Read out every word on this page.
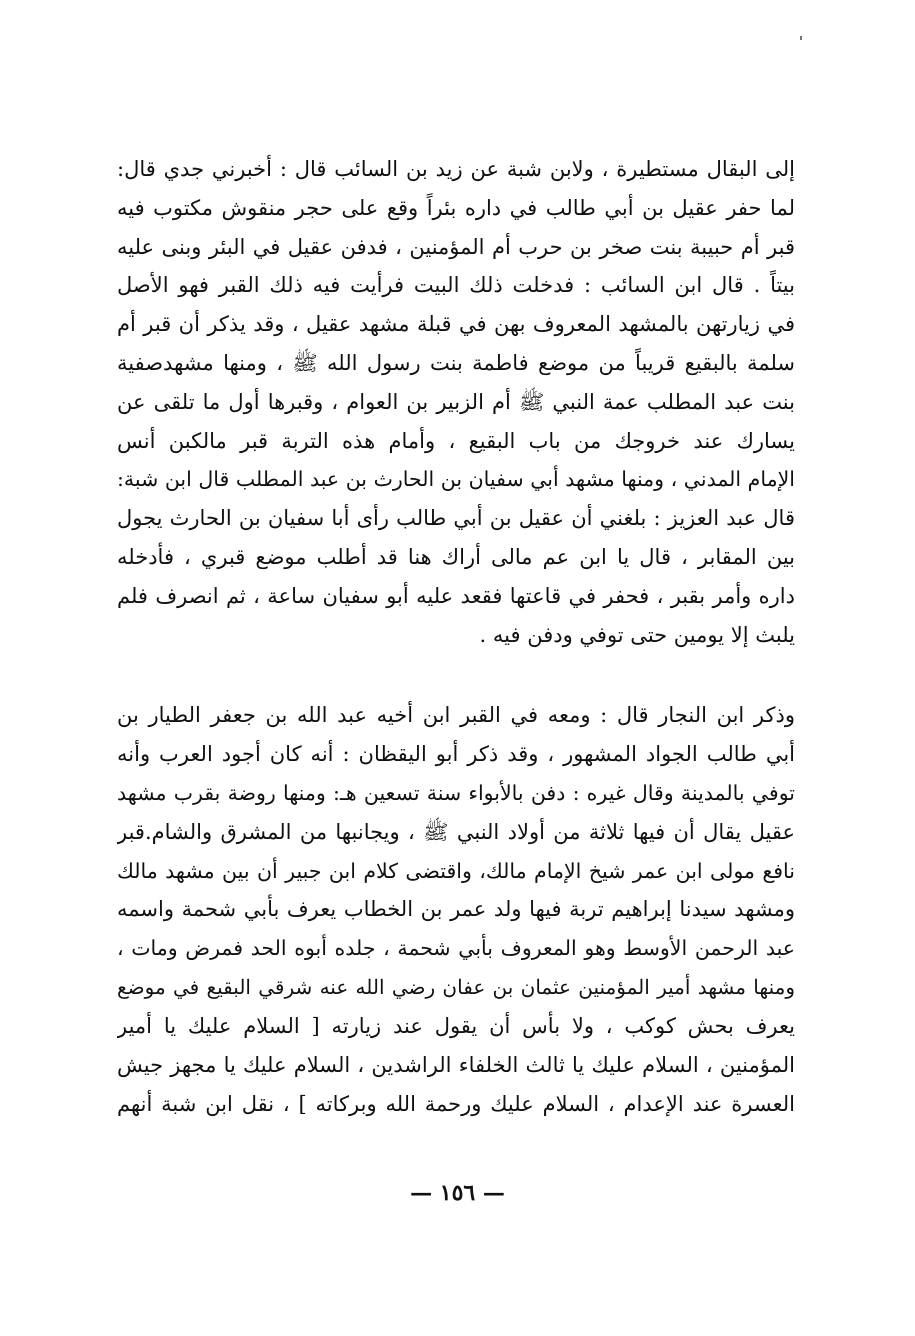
إلى البقال مستطيرة ، ولابن شبة عن زيد بن السائب قال : أخبرني جدي قال:
لما حفر عقيل بن أبي طالب في داره بئراً وقع على حجر منقوش مكتوب فيه
قبر أم حبيبة بنت صخر بن حرب أم المؤمنين ، فدفن عقيل في البئر وبنى عليه
بيتاً . قال ابن السائب : فدخلت ذلك البيت فرأيت فيه ذلك القبر فهو الأصل
في زيارتهن بالمشهد المعروف بهن في قبلة مشهد عقيل ، وقد يذكر أن قبر أم
سلمة بالبقيع قريباً من موضع فاطمة بنت رسول الله ﷺ ، ومنها مشهدصفية
بنت عبد المطلب عمة النبي ﷺ أم الزبير بن العوام ، وقبرها أول ما تلقى عن
يسارك عند خروجك من باب البقيع ، وأمام هذه التربة قبر مالكبن أنس
الإمام المدني ، ومنها مشهد أبي سفيان بن الحارث بن عبد المطلب قال ابن شبة:
قال عبد العزيز : بلغني أن عقيل بن أبي طالب رأى أبا سفيان بن الحارث يجول
بين المقابر ، قال يا ابن عم مالى أراك هنا قد أطلب موضع قبري ، فأدخله
داره وأمر بقبر ، فحفر في قاعتها فقعد عليه أبو سفيان ساعة ، ثم انصرف فلم
يلبث إلا يومين حتى توفي ودفن فيه .
وذكر ابن النجار قال : ومعه في القبر ابن أخيه عبد الله بن جعفر الطيار بن
أبي طالب الجواد المشهور ، وقد ذكر أبو اليقظان : أنه كان أجود العرب وأنه
توفي بالمدينة وقال غيره : دفن بالأبواء سنة تسعين هـ: ومنها روضة بقرب مشهد
عقيل يقال أن فيها ثلاثة من أولاد النبي ﷺ ، ويجانبها من المشرق والشام.قبر
نافع مولى ابن عمر شيخ الإمام مالك، واقتضى كلام ابن جبير أن بين مشهد مالك
ومشهد سيدنا إبراهيم تربة فيها ولد عمر بن الخطاب يعرف بأبي شحمة واسمه
عبد الرحمن الأوسط وهو المعروف بأبي شحمة ، جلده أبوه الحد فمرض ومات ،
ومنها مشهد أمير المؤمنين عثمان بن عفان رضي الله عنه شرقي البقيع في موضع
يعرف بحش كوكب ، ولا بأس أن يقول عند زيارته [ السلام عليك يا أمير
المؤمنين ، السلام عليك يا ثالث الخلفاء الراشدين ، السلام عليك يا مجهز جيش
العسرة عند الإعدام ، السلام عليك ورحمة الله وبركاته ] ، نقل ابن شبة أنهم
— ١٥٦ —
